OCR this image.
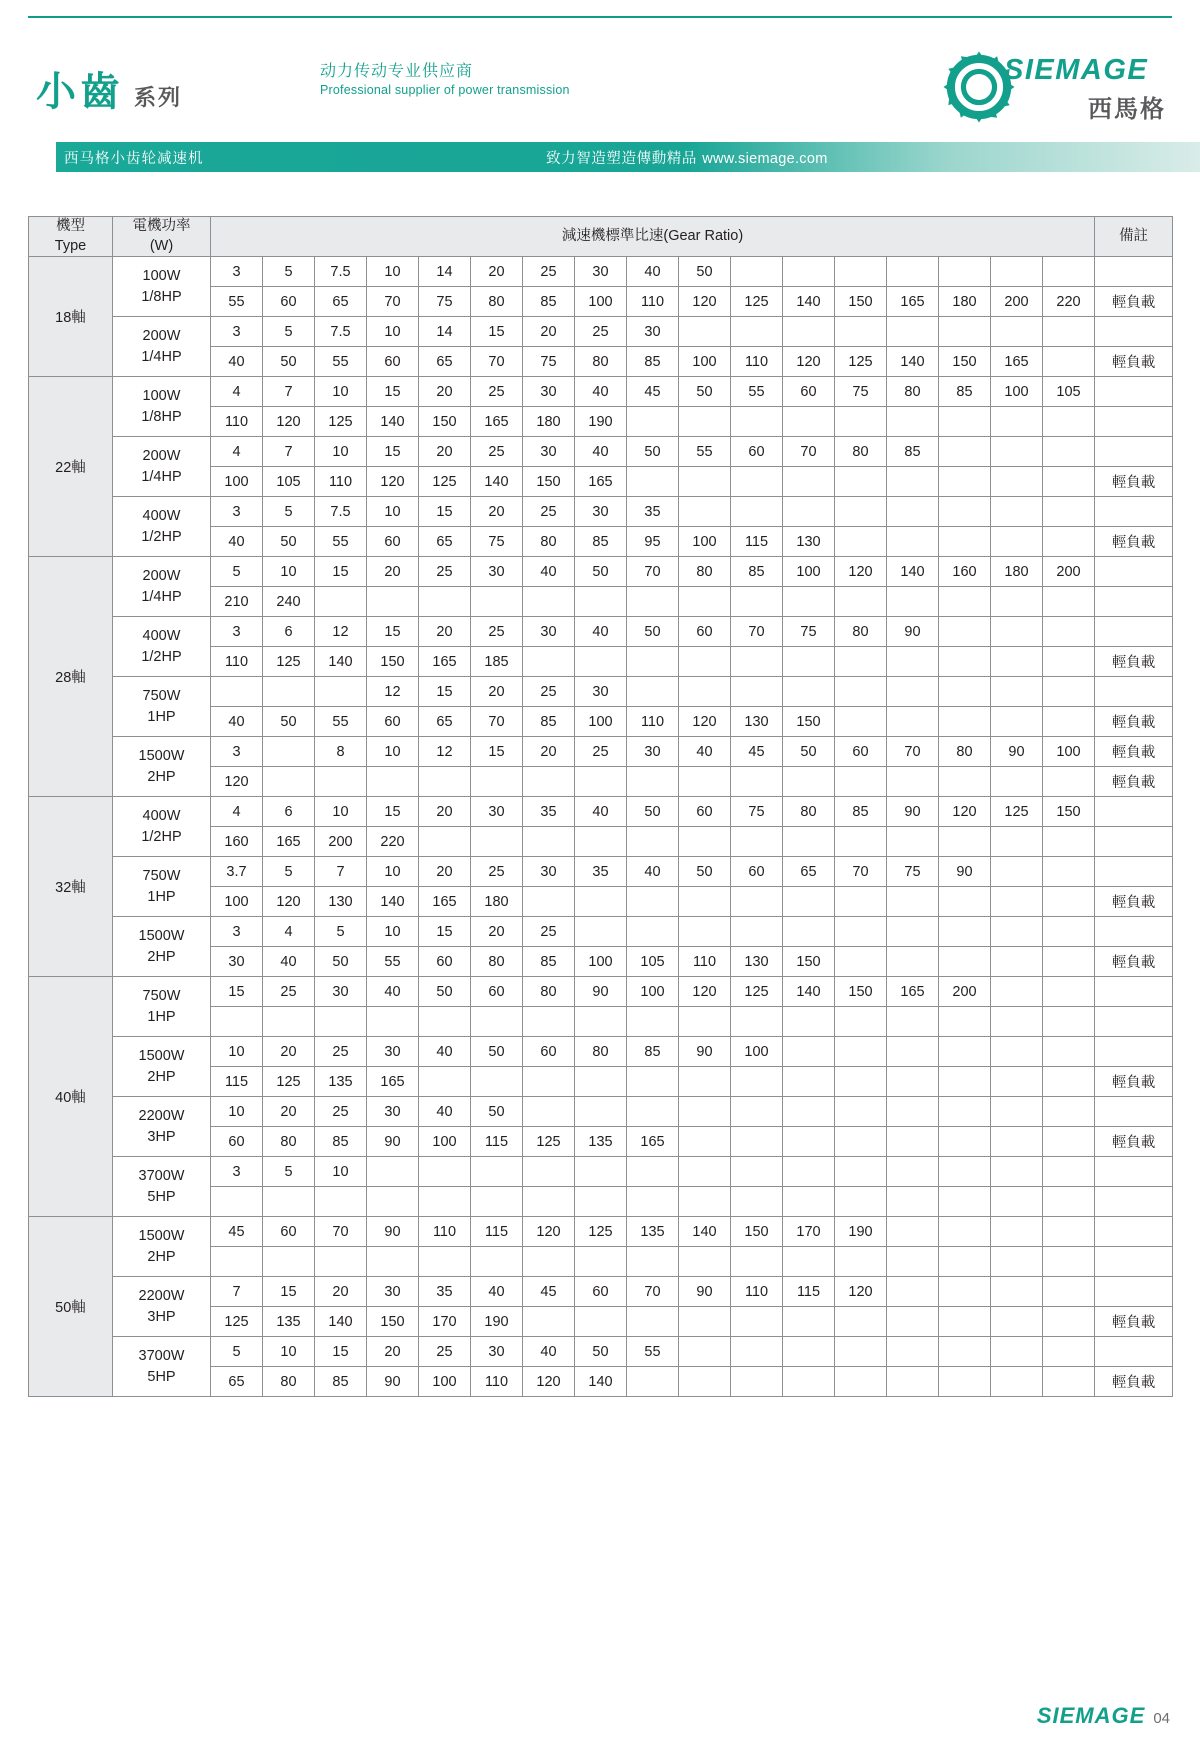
小齒 系列
动力传动专业供应商
Professional supplier of power transmission
SIEMAGE
西馬格
西马格小齿轮减速机	致力智造塑造傳動精品 www.siemage.com
機型
Type	電機功率
(W)	減速機標準比速(Gear Ratio)																	備註
18軸	100W
1/8HP	3	5	7.5	10	14	20	25	30	40	50								
		55	60	65	70	75	80	85	100	110	120	125	140	150	165	180	200	220	輕負載
	200W
1/4HP	3	5	7.5	10	14	15	20	25	30									
		40	50	55	60	65	70	75	80	85	100	110	120	125	140	150	165		輕負載
22軸	100W
1/8HP	4	7	10	15	20	25	30	40	45	50	55	60	75	80	85	100	105	
		110	120	125	140	150	165	180	190										
	200W
1/4HP	4	7	10	15	20	25	30	40	50	55	60	70	80	85				
		100	105	110	120	125	140	150	165										輕負載
	400W
1/2HP	3	5	7.5	10	15	20	25	30	35									
		40	50	55	60	65	75	80	85	95	100	115	130						輕負載
28軸	200W
1/4HP	5	10	15	20	25	30	40	50	70	80	85	100	120	140	160	180	200	
		210	240																
	400W
1/2HP	3	6	12	15	20	25	30	40	50	60	70	75	80	90				
		110	125	140	150	165	185												輕負載
	750W
1HP				12	15	20	25	30										
		40	50	55	60	65	70	85	100	110	120	130	150						輕負載
	1500W
2HP	3		8	10	12	15	20	25	30	40	45	50	60	70	80	90	100	輕負載
		120																	輕負載
32軸	400W
1/2HP	4	6	10	15	20	30	35	40	50	60	75	80	85	90	120	125	150	
		160	165	200	220														
	750W
1HP	3.7	5	7	10	20	25	30	35	40	50	60	65	70	75	90			
		100	120	130	140	165	180												輕負載
	1500W
2HP	3	4	5	10	15	20	25											
		30	40	50	55	60	80	85	100	105	110	130	150						輕負載
40軸	750W
1HP	15	25	30	40	50	60	80	90	100	120	125	140	150	165	200			

	1500W
2HP	10	20	25	30	40	50	60	80	85	90	100							
		115	125	135	165														輕負載
	2200W
3HP	10	20	25	30	40	50												
		60	80	85	90	100	115	125	135	165									輕負載
	3700W
5HP	3	5	10															

50軸	1500W
2HP	45	60	70	90	110	115	120	125	135	140	150	170	190					

	2200W
3HP	7	15	20	30	35	40	45	60	70	90	110	115	120					
		125	135	140	150	170	190												輕負載
	3700W
5HP	5	10	15	20	25	30	40	50	55									
		65	80	85	90	100	110	120	140										輕負載
SIEMAGE 04
